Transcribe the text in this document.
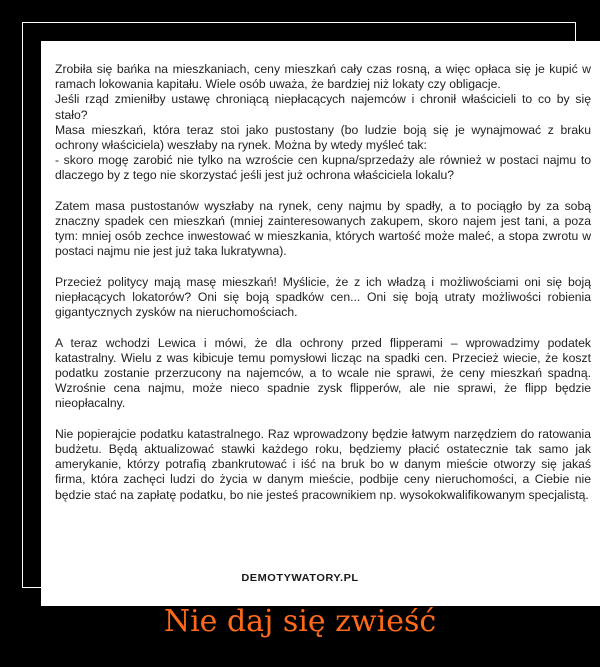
Zrobiła się bańka na mieszkaniach, ceny mieszkań cały czas rosną, a więc opłaca się je kupić w ramach lokowania kapitału. Wiele osób uważa, że bardziej niż lokaty czy obligacje.
Jeśli rząd zmieniłby ustawę chroniącą niepłacących najemców i chronił właścicieli to co by się stało?
Masa mieszkań, która teraz stoi jako pustostany (bo ludzie boją się je wynajmować z braku ochrony właściciela) weszłaby na rynek. Można by wtedy myśleć tak:
- skoro mogę zarobić nie tylko na wzroście cen kupna/sprzedaży ale również w postaci najmu to dlaczego by z tego nie skorzystać jeśli jest już ochrona właściciela lokalu?

Zatem masa pustostanów wyszłaby na rynek, ceny najmu by spadły, a to pociągło by za sobą znaczny spadek cen mieszkań (mniej zainteresowanych zakupem, skoro najem jest tani, a poza tym: mniej osób zechce inwestować w mieszkania, których wartość może maleć, a stopa zwrotu w postaci najmu nie jest już taka lukratywna).

Przecież politycy mają masę mieszkań! Myślicie, że z ich władzą i możliwościami oni się boją niepłacących lokatorów? Oni się boją spadków cen... Oni się boją utraty możliwości robienia gigantycznych zysków na nieruchomościach.

A teraz wchodzi Lewica i mówi, że dla ochrony przed flipperami – wprowadzimy podatek katastralny. Wielu z was kibicuje temu pomysłowi licząc na spadki cen. Przecież wiecie, że koszt podatku zostanie przerzucony na najemców, a to wcale nie sprawi, że ceny mieszkań spadną. Wzrośnie cena najmu, może nieco spadnie zysk flipperów, ale nie sprawi, że flipp będzie nieopłacalny.

Nie popierajcie podatku katastralnego. Raz wprowadzony będzie łatwym narzędziem do ratowania budżetu. Będą aktualizować stawki każdego roku, będziemy płacić ostatecznie tak samo jak amerykanie, którzy potrafią zbankrutować i iść na bruk bo w danym mieście otworzy się jakaś firma, która zachęci ludzi do życia w danym mieście, podbije ceny nieruchomości, a Ciebie nie będzie stać na zapłatę podatku, bo nie jesteś pracownikiem np. wysokokwalifikowanym specjalistą.

DEMOTYWATORY.PL
Nie daj się zwieść
